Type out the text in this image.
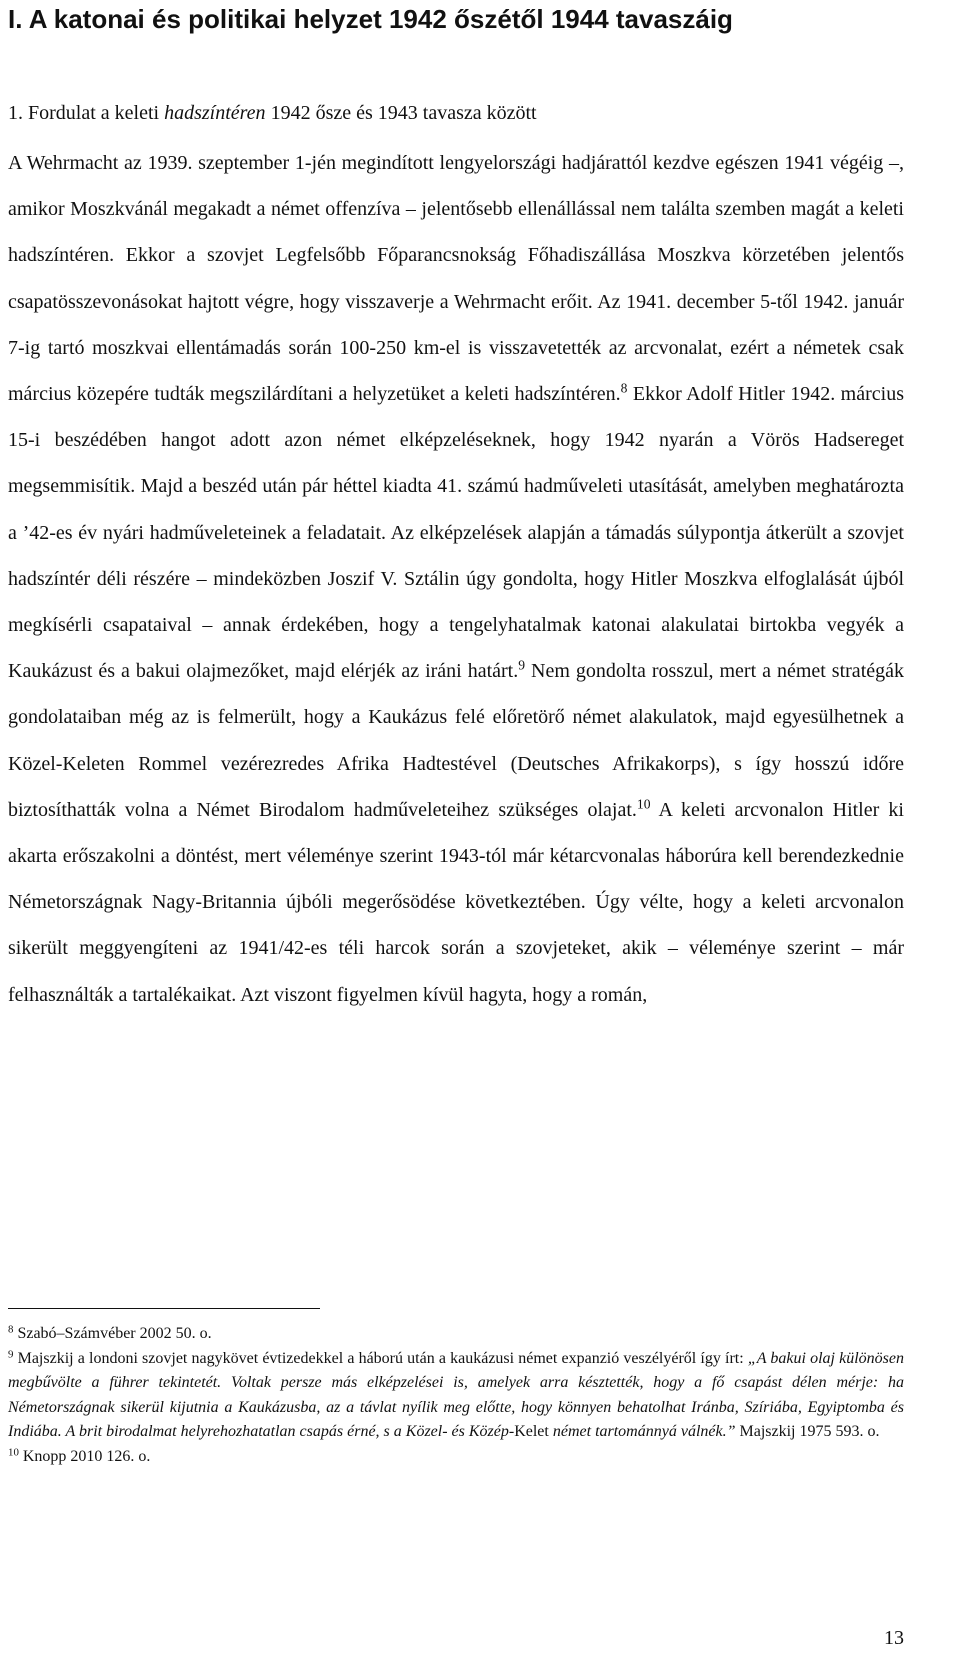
I. A katonai és politikai helyzet 1942 őszétől 1944 tavaszáig

1. Fordulat a keleti hadszíntéren 1942 ősze és 1943 tavasza között

A Wehrmacht az 1939. szeptember 1-jén megindított lengyelországi hadjárattól kezdve egészen 1941 végéig –, amikor Moszkvánál megakadt a német offenzíva – jelentősebb ellenállással nem találta szemben magát a keleti hadszíntéren. Ekkor a szovjet Legfelsőbb Főparancsnokság Főhadiszállása Moszkva körzetében jelentős csapatösszevonásokat hajtott végre, hogy visszaverje a Wehrmacht erőit. Az 1941. december 5-től 1942. január 7-ig tartó moszkvai ellentámadás során 100-250 km-el is visszavetették az arcvonalat, ezért a németek csak március közepére tudták megszilárdítani a helyzetüket a keleti hadszíntéren.$^8$ Ekkor Adolf Hitler 1942. március 15-i beszédében hangot adott azon német elképzeléseknek, hogy 1942 nyarán a Vörös Hadsereget megsemmisítik. Majd a beszéd után pár héttel kiadta 41. számú hadműveleti utasítását, amelyben meghatározta a ’42-es év nyári hadműveleteinek a feladatait. Az elképzelések alapján a támadás súlypontja átkerült a szovjet hadszíntér déli részére – mindeközben Joszif V. Sztálin úgy gondolta, hogy Hitler Moszkva elfoglalását újból megkísérli csapataival – annak érdekében, hogy a tengelyhatalmak katonai alakulatai birtokba vegyék a Kaukázust és a bakui olajmezőket, majd elérjék az iráni határt.$^9$ Nem gondolta rosszul, mert a német stratégák gondolataiban még az is felmerült, hogy a Kaukázus felé előretörő német alakulatok, majd egyesülhetnek a Közel-Keleten Rommel vezérezredes Afrika Hadtestével (Deutsches Afrikakorps), s így hosszú időre biztosíthatták volna a Német Birodalom hadműveleteihez szükséges olajat.$^{10}$ A keleti arcvonalon Hitler ki akarta erőszakolni a döntést, mert véleménye szerint 1943-tól már kétarcvonalas háborúra kell berendezkednie Németországnak Nagy-Britannia újbóli megerősödése következtében. Úgy vélte, hogy a keleti arcvonalon sikerült meggyengíteni az 1941/42-es téli harcok során a szovjeteket, akik – véleménye szerint – már felhasználták a tartalékaikat. Azt viszont figyelmen kívül hagyta, hogy a román,

$^8$ Szabó–Számvéber 2002 50. o.

$^9$ Majszkij a londoni szovjet nagykövet évtizedekkel a háború után a kaukázusi német expanzió veszélyéről így írt: „A bakui olaj különösen megbűvölte a führer tekintetét. Voltak persze más elképzelései is, amelyek arra késztették, hogy a fő csapást délen mérje: ha Németországnak sikerül kijutnia a Kaukázusba, az a távlat nyílik meg előtte, hogy könnyen behatolhat Iránba, Szíriába, Egyiptomba és Indiába. A brit birodalmat helyrehozhatatlan csapás érné, s a Közel- és Közép-Kelet német tartománnyá válnék.” Majszkij 1975 593. o.

$^{10}$ Knopp 2010 126. o.

13
